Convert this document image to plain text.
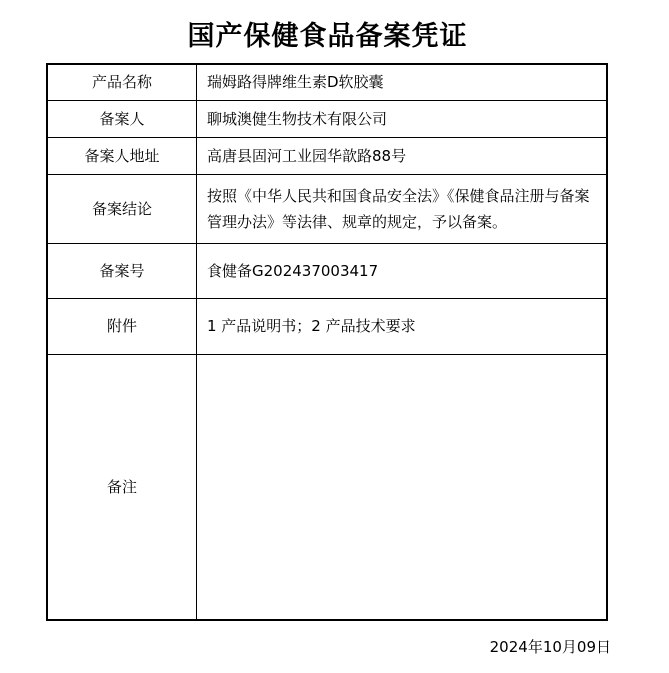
国产保健食品备案凭证
产品名称	瑞姆路得牌维生素D软胶囊
备案人	聊城澳健生物技术有限公司
备案人地址	高唐县固河工业园华歆路88号
备案结论	按照《中华人民共和国食品安全法》《保健食品注册与备案管理办法》等法律、规章的规定，予以备案。
备案号	食健备G202437003417
附件	1 产品说明书；2 产品技术要求
备注	
2024年10月09日
